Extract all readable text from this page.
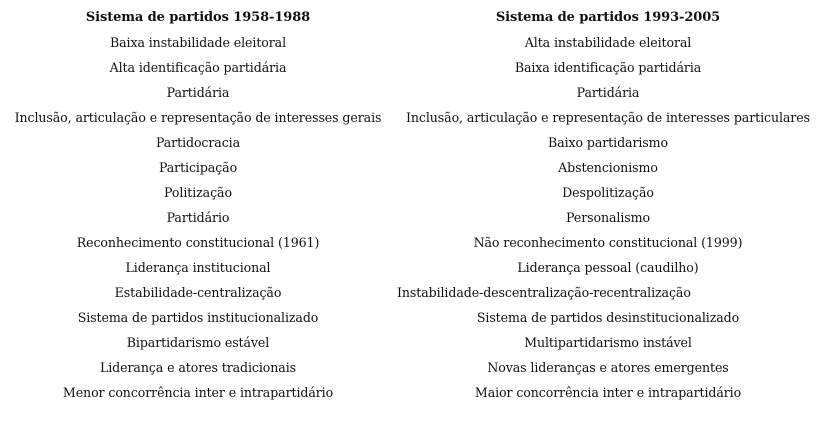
Sistema de partidos 1958-1988	Sistema de partidos 1993-2005
Baixa instabilidade eleitoral	Alta instabilidade eleitoral
Alta identificação partidária	Baixa identificação partidária
Partidária	Partidária
Inclusão, articulação e representação de interesses gerais	Inclusão, articulação e representação de interesses particulares
Partidocracia	Baixo partidarismo
Participação	Abstencionismo
Politização	Despolitização
Partidário	Personalismo
Reconhecimento constitucional (1961)	Não reconhecimento constitucional (1999)
Liderança institucional	Liderança pessoal (caudilho)
Estabilidade-centralização	Instabilidade-descentralização-recentralização
Sistema de partidos institucionalizado	Sistema de partidos desinstitucionalizado
Bipartidarismo estável	Multipartidarismo instável
Liderança e atores tradicionais	Novas lideranças e atores emergentes
Menor concorrência inter e intrapartidário	Maior concorrência inter e intrapartidário
